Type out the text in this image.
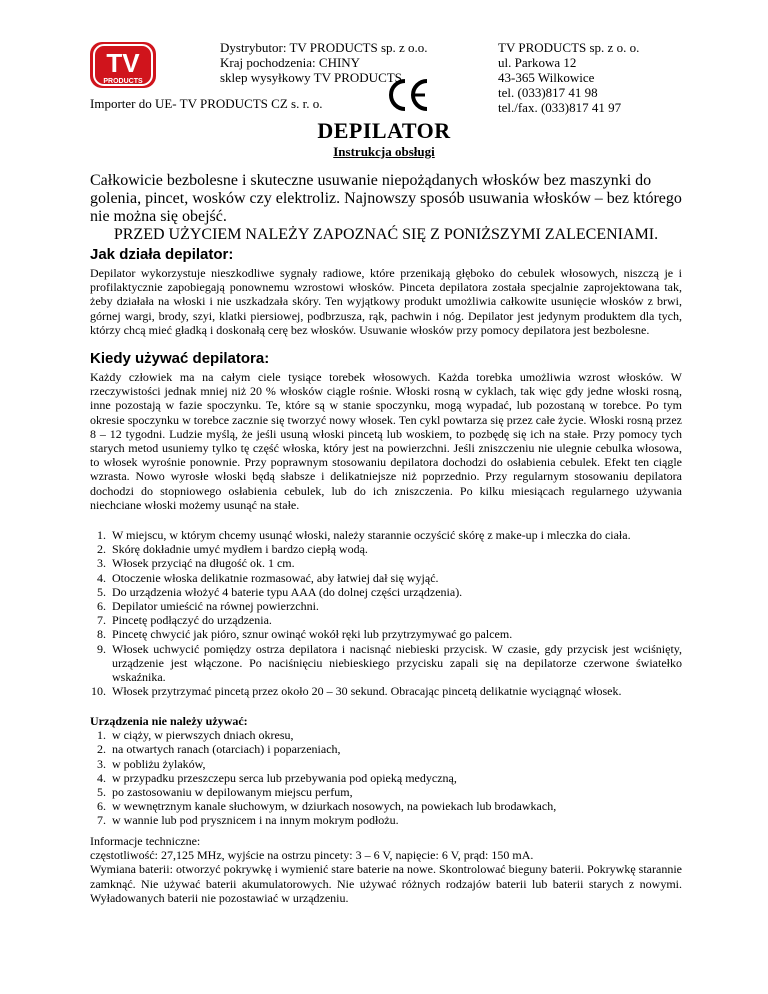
TV
PRODUCTS
Dystrybutor: TV PRODUCTS sp. z o.o.
Kraj pochodzenia: CHINY
sklep wysyłkowy TV PRODUCTS
TV PRODUCTS sp. z o. o.
ul. Parkowa 12
43-365 Wilkowice
tel. (033)817 41 98
tel./fax. (033)817 41 97
Importer do UE- TV PRODUCTS CZ s. r. o.
DEPILATOR
Instrukcja obsługi

Całkowicie bezbolesne i skuteczne usuwanie niepożądanych włosków bez maszynki do golenia, pincet, wosków czy elektroliz. Najnowszy sposób usuwania włosków – bez którego nie można się obejść.

PRZED UŻYCIEM NALEŻY ZAPOZNAĆ SIĘ Z PONIŻSZYMI ZALECENIAMI.

Jak działa depilator:
Depilator wykorzystuje nieszkodliwe sygnały radiowe, które przenikają głęboko do cebulek włosowych, niszczą je i profilaktycznie zapobiegają ponownemu wzrostowi włosków. Pinceta depilatora została specjalnie zaprojektowana tak, żeby działała na włoski i nie uszkadzała skóry. Ten wyjątkowy produkt umożliwia całkowite usunięcie włosków z brwi, górnej wargi, brody, szyi, klatki piersiowej, podbrzusza, rąk, pachwin i nóg. Depilator jest jedynym produktem dla tych, którzy chcą mieć gładką i doskonałą cerę bez włosków. Usuwanie włosków przy pomocy depilatora jest bezbolesne.
Kiedy używać depilatora:
Każdy człowiek ma na całym ciele tysiące torebek włosowych. Każda torebka umożliwia wzrost włosków. W rzeczywistości jednak mniej niż 20 % włosków ciągle rośnie. Włoski rosną w cyklach, tak więc gdy jedne włoski rosną, inne pozostają w fazie spoczynku. Te, które są w stanie spoczynku, mogą wypadać, lub pozostaną w torebce. Po tym okresie spoczynku w torebce zacznie się tworzyć nowy włosek. Ten cykl powtarza się przez całe życie. Włoski rosną przez 8 – 12 tygodni. Ludzie myślą, że jeśli usuną włoski pincetą lub woskiem, to pozbędę się ich na stałe. Przy pomocy tych starych metod usuniemy tylko tę część włoska, który jest na powierzchni. Jeśli zniszczeniu nie ulegnie cebulka włosowa, to włosek wyrośnie ponownie. Przy poprawnym stosowaniu depilatora dochodzi do osłabienia cebulek. Efekt ten ciągle wzrasta. Nowo wyrosłe włoski będą słabsze i delikatniejsze niż poprzednio. Przy regularnym stosowaniu depilatora dochodzi do stopniowego osłabienia cebulek, lub do ich zniszczenia. Po kilku miesiącach regularnego używania niechciane włoski możemy usunąć na stałe.
1. W miejscu, w którym chcemy usunąć włoski, należy starannie oczyścić skórę z make-up i mleczka do ciała.
2. Skórę dokładnie umyć mydłem i bardzo ciepłą wodą.
3. Włosek przyciąć na długość ok. 1 cm.
4. Otoczenie włoska delikatnie rozmasować, aby łatwiej dał się wyjąć.
5. Do urządzenia włożyć 4 baterie typu AAA (do dolnej części urządzenia).
6. Depilator umieścić na równej powierzchni.
7. Pincetę podłączyć do urządzenia.
8. Pincetę chwycić jak pióro, sznur owinąć wokół ręki lub przytrzymywać go palcem.
9. Włosek uchwycić pomiędzy ostrza depilatora i nacisnąć niebieski przycisk. W czasie, gdy przycisk jest wciśnięty, urządzenie jest włączone. Po naciśnięciu niebieskiego przycisku zapali się na depilatorze czerwone światełko wskaźnika.
10. Włosek przytrzymać pincetą przez około 20 – 30 sekund. Obracając pincetą delikatnie wyciągnąć włosek.
Urządzenia nie należy używać:
1. w ciąży, w pierwszych dniach okresu,
2. na otwartych ranach (otarciach) i poparzeniach,
3. w pobliżu żylaków,
4. w przypadku przeszczepu serca lub przebywania pod opieką medyczną,
5. po zastosowaniu w depilowanym miejscu perfum,
6. w wewnętrznym kanale słuchowym, w dziurkach nosowych, na powiekach lub brodawkach,
7. w wannie lub pod prysznicem i na innym mokrym podłożu.

Informacje techniczne:

częstotliwość: 27,125 MHz, wyjście na ostrzu pincety: 3 – 6 V, napięcie: 6 V, prąd: 150 mA.

Wymiana baterii: otworzyć pokrywkę i wymienić stare baterie na nowe. Skontrolować bieguny baterii. Pokrywkę starannie zamknąć. Nie używać baterii akumulatorowych. Nie używać różnych rodzajów baterii lub baterii starych z nowymi. Wyładowanych baterii nie pozostawiać w urządzeniu.
